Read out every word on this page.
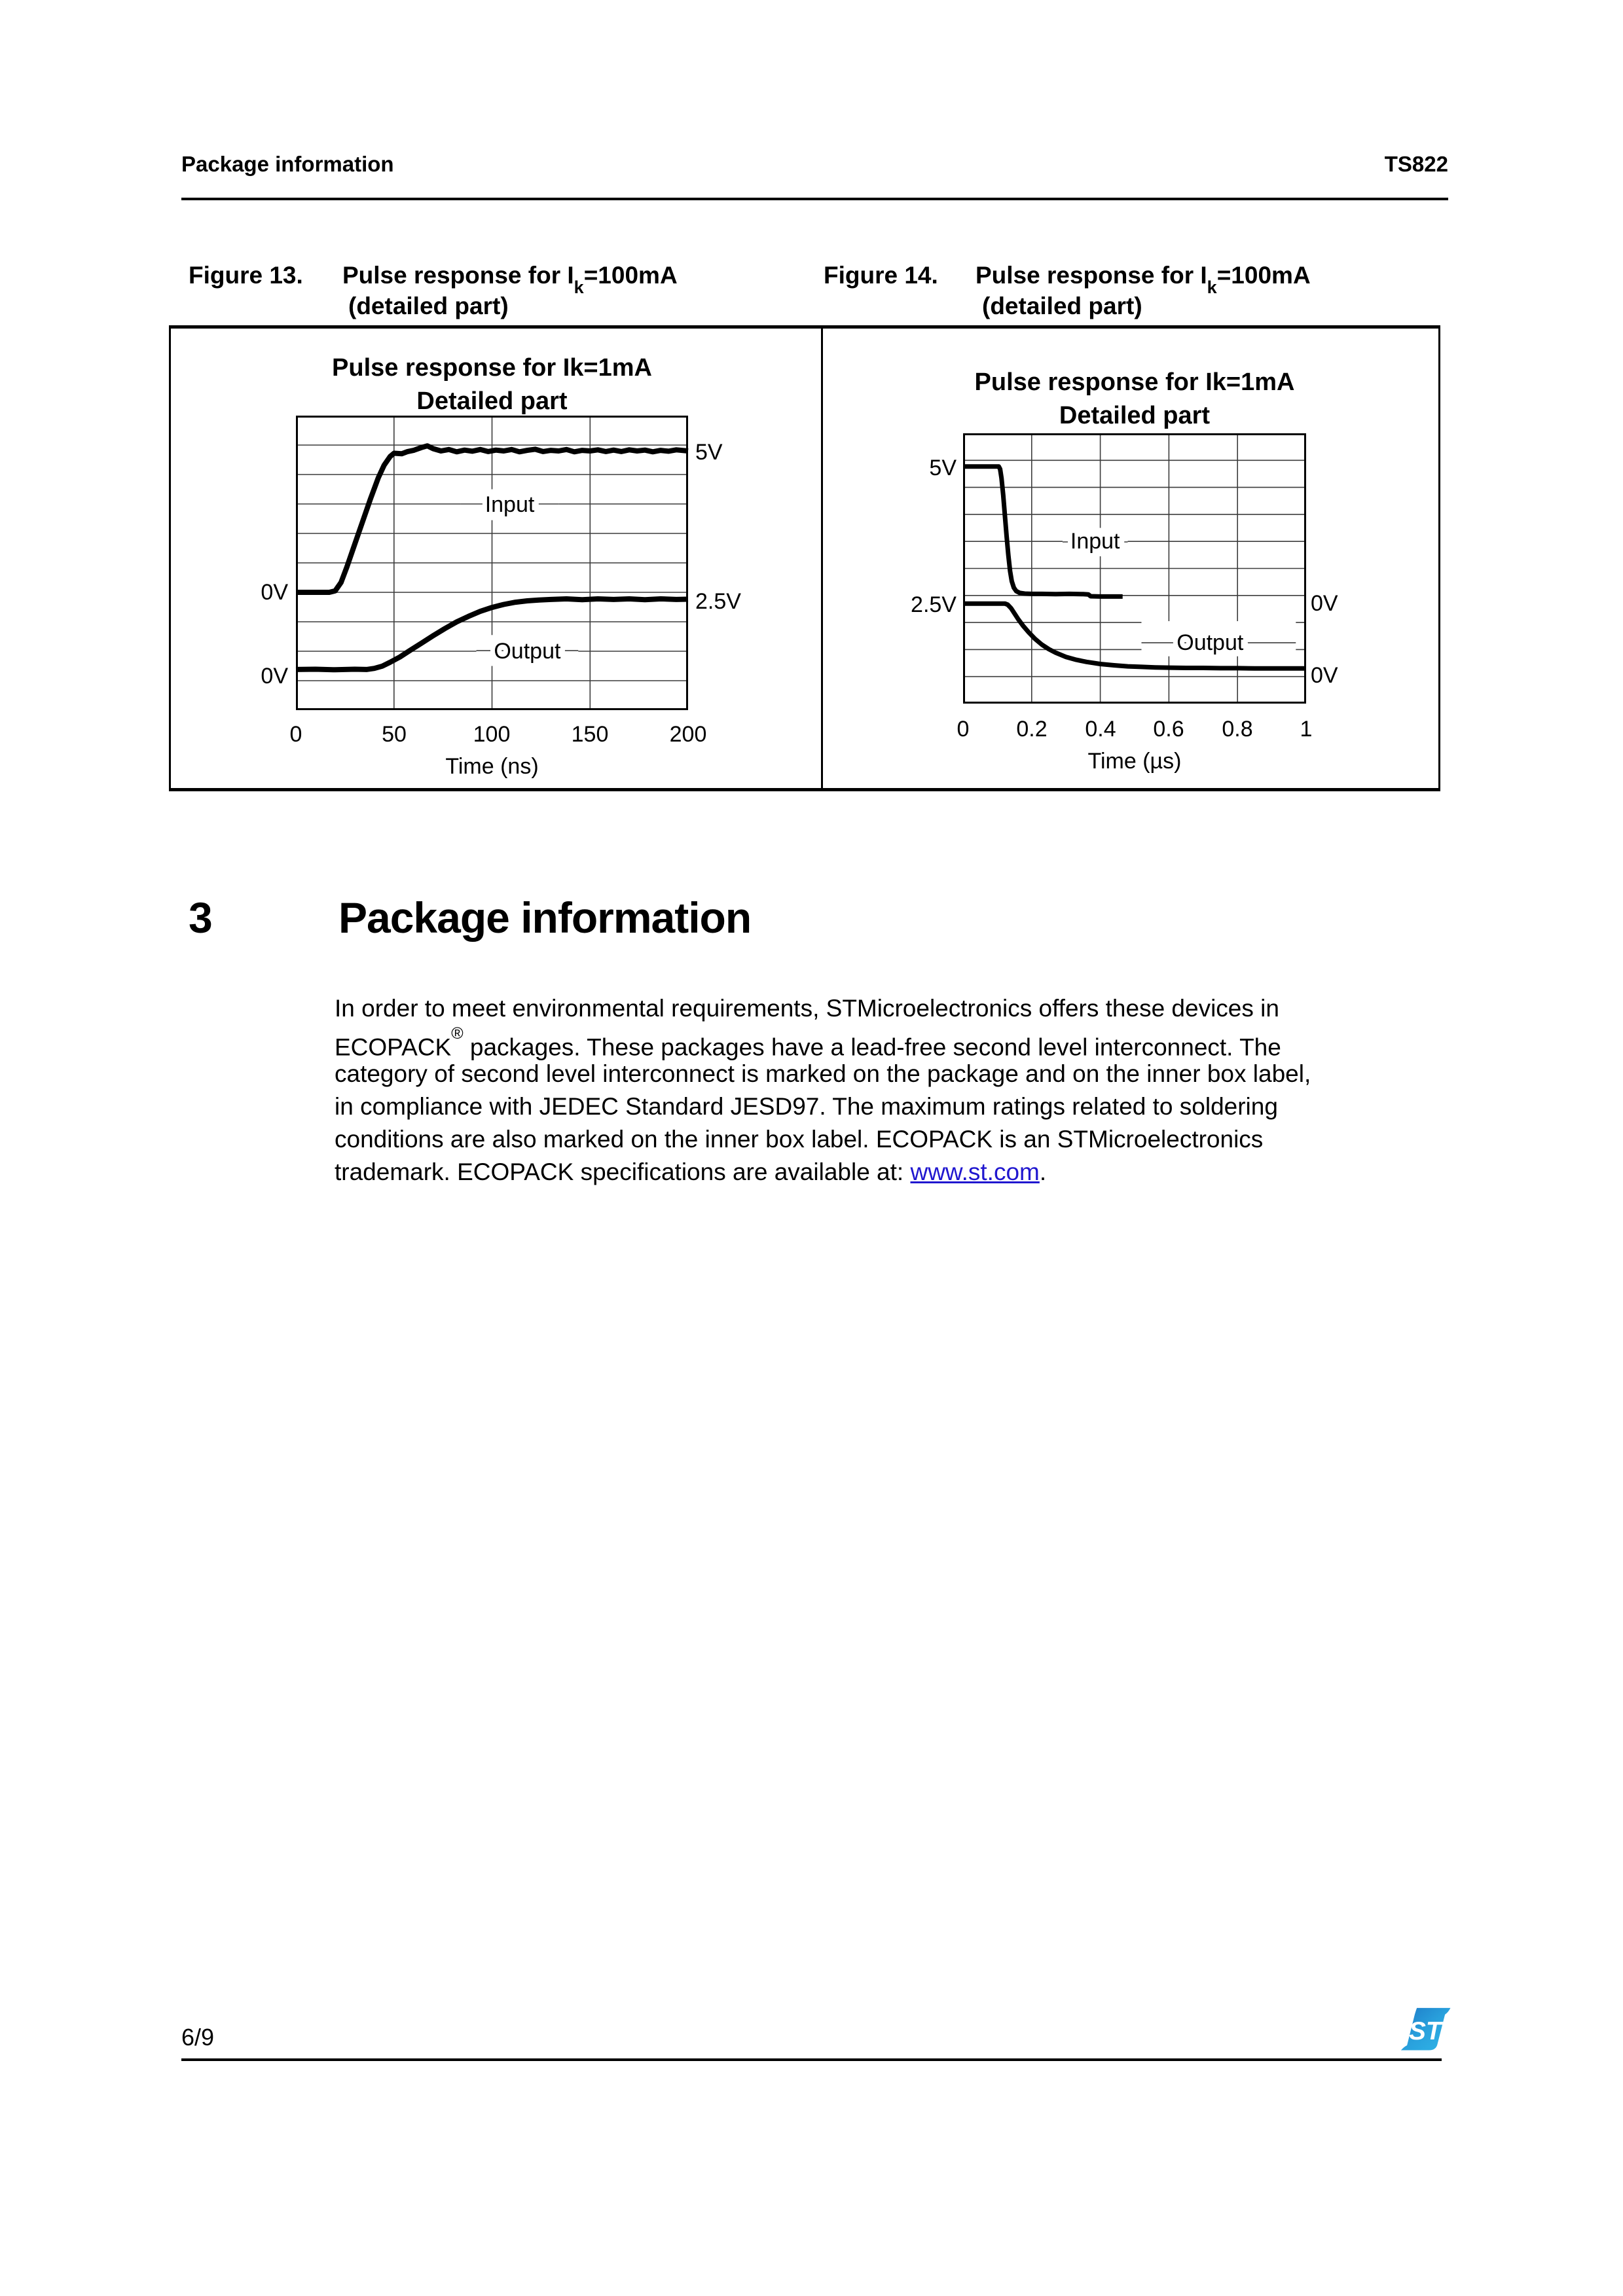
Package information	TS822
Figure 13. Pulse response for $I_k=100mA$
(detailed part)
Figure 14. Pulse response for $I_k=100mA$
(detailed part)
Pulse response for Ik=1mA
Detailed part
Input
Output
0V
0V
5V
2.5V
0	50	100	150	200
Time (ns)
Pulse response for Ik=1mA
Detailed part
Input
Output
5V
2.5V	0V
0V
0 0.2 0.4 0.6 0.8 1
Time (µs)
3	Package information
In order to meet environmental requirements, STMicroelectronics offers these devices in
ECOPACK® packages. These packages have a lead-free second level interconnect. The
category of second level interconnect is marked on the package and on the inner box label,
in compliance with JEDEC Standard JESD97. The maximum ratings related to soldering
conditions are also marked on the inner box label. ECOPACK is an STMicroelectronics
trademark. ECOPACK specifications are available at: www.st.com.
6/9	ST
